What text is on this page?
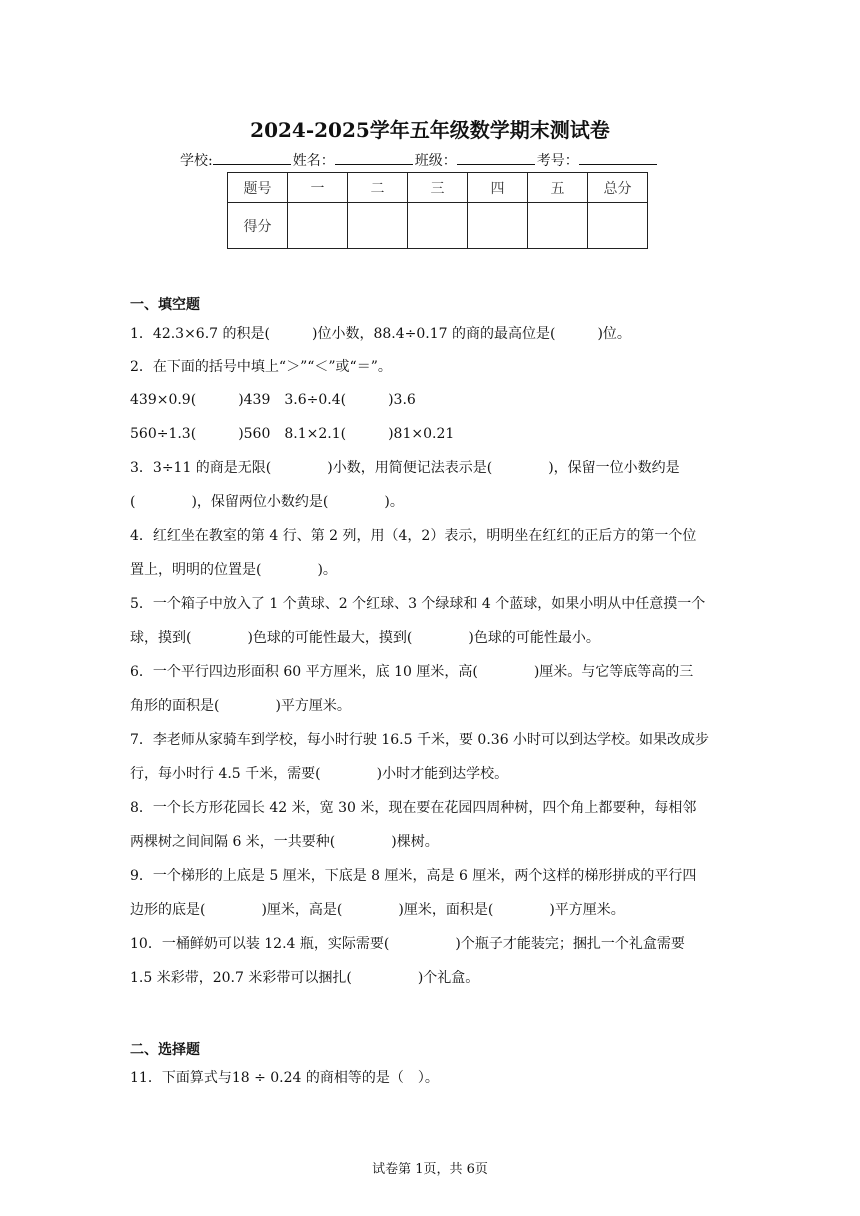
2024-2025学年五年级数学期末测试卷
学校:	姓名：	班级：	考号：
题号	一	二	三	四	五	总分
得分						
一、填空题
1．42.3×6.7 的积是(	)位小数，88.4÷0.17 的商的最高位是(	)位。
2．在下面的括号中填上“＞”“＜”或“＝”。
439×0.9(	)439　3.6÷0.4(	)3.6
560÷1.3(	)560　8.1×2.1(	)81×0.21
3．3÷11 的商是无限(	)小数，用简便记法表示是(	)，保留一位小数约是
(	)，保留两位小数约是(	)。
4．红红坐在教室的第 4 行、第 2 列，用（4，2）表示，明明坐在红红的正后方的第一个位
置上，明明的位置是(	)。
5．一个箱子中放入了 1 个黄球、2 个红球、3 个绿球和 4 个蓝球，如果小明从中任意摸一个
球，摸到(	)色球的可能性最大，摸到(	)色球的可能性最小。
6．一个平行四边形面积 60 平方厘米，底 10 厘米，高(	)厘米。与它等底等高的三
角形的面积是(	)平方厘米。
7．李老师从家骑车到学校，每小时行驶 16.5 千米，要 0.36 小时可以到达学校。如果改成步
行，每小时行 4.5 千米，需要(	)小时才能到达学校。
8．一个长方形花园长 42 米，宽 30 米，现在要在花园四周种树，四个角上都要种，每相邻
两棵树之间间隔 6 米，一共要种(	)棵树。
9．一个梯形的上底是 5 厘米，下底是 8 厘米，高是 6 厘米，两个这样的梯形拼成的平行四
边形的底是(	)厘米，高是(	)厘米，面积是(	)平方厘米。
10．一桶鲜奶可以装 12.4 瓶，实际需要(	)个瓶子才能装完；捆扎一个礼盒需要
1.5 米彩带，20.7 米彩带可以捆扎(	)个礼盒。
二、选择题
11．下面算式与18 ÷ 0.24 的商相等的是（　）。
试卷第 1页，共 6页
